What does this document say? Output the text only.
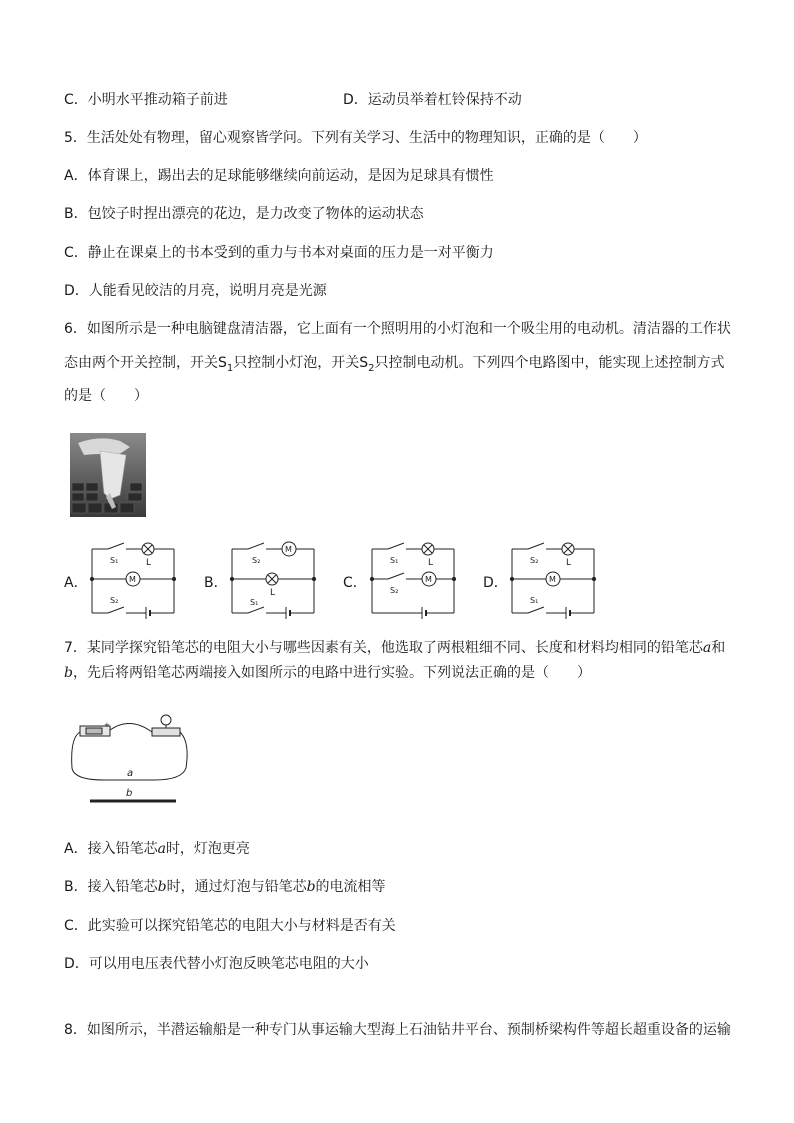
C．小明水平推动箱子前进	D．运动员举着杠铃保持不动
5．生活处处有物理，留心观察皆学问。下列有关学习、生活中的物理知识，正确的是（　　）
A．体育课上，踢出去的足球能够继续向前运动，是因为足球具有惯性
B．包饺子时捏出漂亮的花边，是力改变了物体的运动状态
C．静止在课桌上的书本受到的重力与书本对桌面的压力是一对平衡力
D．人能看见皎洁的月亮，说明月亮是光源
6．如图所示是一种电脑键盘清洁器，它上面有一个照明用的小灯泡和一个吸尘用的电动机。清洁器的工作状
态由两个开关控制，开关$S_1$只控制小灯泡，开关$S_2$只控制电动机。下列四个电路图中，能实现上述控制方式
的是（　　）
A．	B．	C．	D．
S₁	L
M
S₂
S₂
M
L
S₁
S₁	L
M
S₂
S₂	L
M
S₁
7．某同学探究铅笔芯的电阻大小与哪些因素有关，他选取了两根粗细不同、长度和材料均相同的铅笔芯a和
b，先后将两铅笔芯两端接入如图所示的电路中进行实验。下列说法正确的是（　　）
+
a
b
A．接入铅笔芯a时，灯泡更亮
B．接入铅笔芯b时，通过灯泡与铅笔芯b的电流相等
C．此实验可以探究铅笔芯的电阻大小与材料是否有关
D．可以用电压表代替小灯泡反映笔芯电阻的大小
8．如图所示，半潜运输船是一种专门从事运输大型海上石油钻井平台、预制桥梁构件等超长超重设备的运输
